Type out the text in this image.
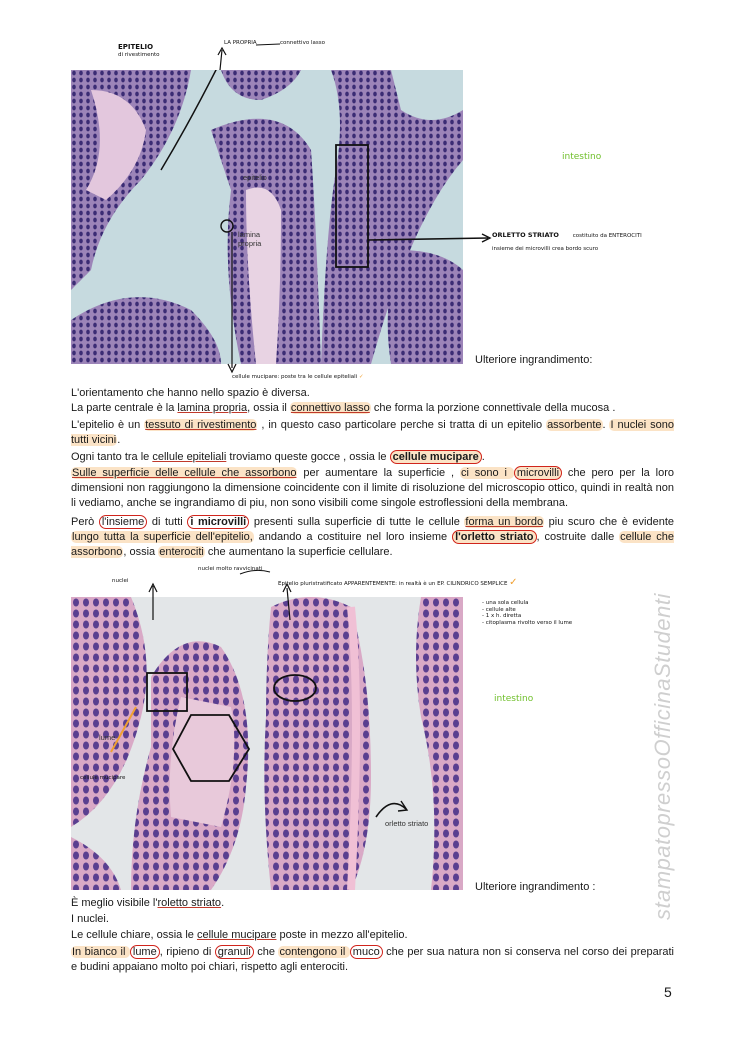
EPITELIO
di rivestimento
LA PROPRIA	connettivo lasso
epitelio
lamina
propria
intestino
ORLETTO STRIATO	costituito da ENTEROCITI

insieme dei microvilli crea bordo scuro
cellule mucipare: poste tra le cellule epiteliali ✓
Ulteriore ingrandimento:

L'orientamento che hanno nello spazio è diversa.

La parte centrale è la lamina propria, ossia il connettivo lasso che forma la porzione connettivale della mucosa .

L'epitelio è un tessuto di rivestimento , in questo caso particolare perche si tratta di un epitelio assorbente. I nuclei sono tutti vicini.

Ogni tanto tra le cellule epiteliali troviamo queste gocce , ossia le cellule mucipare .

Sulle superficie delle cellule che assorbono per aumentare la superficie , ci sono i microvilli che pero per la loro dimensioni non raggiungono la dimensione coincidente con il limite di risoluzione del microscopio ottico, quindi in realtà non li vediamo, anche se ingrandiamo di piu, non sono visibili come singole estroflessioni della membrana.

Però l'insieme di tutti i microvilli presenti sulla superficie di tutte le cellule forma un bordo piu scuro che è evidente lungo tutta la superficie dell'epitelio, andando a costituire nel loro insieme l'orletto striato , costruite dalle cellule che assorbono, ossia enterociti che aumentano la superficie cellulare.

nuclei
nuclei molto ravvicinati
Epitelio pluristratificato APPARENTEMENTE: in realtà è un EP. CILINDRICO SEMPLICE ✓
- una sola cellula
- cellule alte
- 1 x h. diretta
- citoplasma rivolto verso il lume
lume
orletto striato
cellule mucipare
intestino
Ulteriore ingrandimento :

È meglio visibile l'roletto striato.

I nuclei.

Le cellule chiare, ossia le cellule mucipare poste in mezzo all'epitelio.

In bianco il lume , ripieno di granuli che contengono il muco che per sua natura non si conserva nel corso dei preparati e budini appaiano molto poi chiari, rispetto agli enterociti.

stampatopressoOfficinaStudenti
5
